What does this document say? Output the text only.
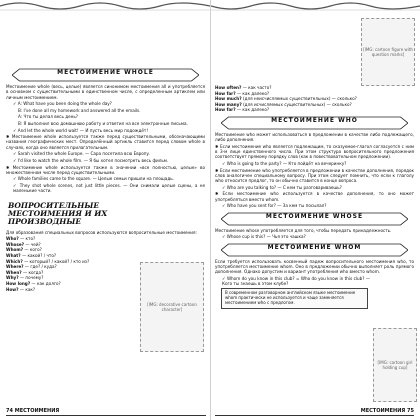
МЕСТОИМЕНИЕ WHOLE

Местоимение whole (весь, целые) является синонимом местоимения all и употребляется в основном с существительными в единственном числе, с определенным артиклем или личным местоимением.

✓ A: What have you been doing the whole day?

B: I've done all my homework and answered all the emails.

А: Что ты делал весь день?

В: Я выполнил всю домашнюю работу и ответил на все электронные письма.

✓ And let the whole world wait! — И пусть весь мир подождёт!

✱ Местоимение whole используется также перед существительными, обозначающими названия географических мест. Определённый артикль ставится перед словом whole в случаях, когда оно является прилагательным.

✓ Sarah visited the whole Europe. — Сара посетила всю Европу.

✓ I'd like to watch the whole film. — Я бы хотел посмотреть весь фильм.

✱ Местоимение whole используется также в значении «все полностью, целые» во множественном числе перед существительными.

✓ Whole families came to the square. — Целые семьи пришли на площадь.

✓ They shot whole scenes, not just little pieces. — Они снимали целые сцены, а не маленькие части.

ВОПРОСИТЕЛЬНЫЕ МЕСТОИМЕНИЯ И ИХ ПРОИЗВОДНЫЕ

Для образования специальных вопросов используются вопросительные местоимения:

Who? — кто?
Whose? — чей?
Whom? — кого?
What? — какой? / что?
Which? — который? / какой? / кто из?
Where? — где? / куда?
When? — когда?
Why? — почему?
How long? — как долго?
How? — как?
[IMG: decorative cartoon character]
74 МЕСТОИМЕНИЯ
[IMG: cartoon figure with question marks]
How often? — как часто?
How far? — как далеко?
How much? (для неисчисляемых существительных) — сколько?
How many? (для исчисляемых существительных) — сколько?
How far? — как далеко?
МЕСТОИМЕНИЕ WHO

Местоимение who может использоваться в предложении в качестве либо подлежащего, либо дополнения.

✱ Если местоимение who является подлежащим, то сказуемое-глагол согласуется с ним в 3-м лице единственного числа. При этом структура вопросительного предложения соответствует прямому порядку слов (как в повествовательном предложении).

✓ Who is going to the party? — Кто пойдёт на вечеринку?

✱ Если местоимение who употребляется в предложении в качестве дополнения, порядок слов аналогичен специальному вопросу. При этом следует помнить, что если к глаголу who относится предлог, то он обычно ставится в конце вопроса.

✓ Who are you talking to? — С кем ты разговариваешь?

✱ Если местоимение who используется в качестве дополнения, то оно может употребляться вместо whom.

✓ Who have you sent for? — За кем ты посылал?

МЕСТОИМЕНИЕ WHOSE

Местоимение whose употребляется для того, чтобы передать принадлежность.

✓ Whose cup is this? — Чья это чашка?

МЕСТОИМЕНИЕ WHOM

Если требуется использовать косвенный падеж вопросительного местоимения who, то употребляется местоимение whom. Оно в предложении обычно выполняет роль прямого дополнения. Однако допустим и вариант употребления who вместо whom.

✓ Whom do you know in this club? = Who do you know in this club? — Кого ты знаешь в этом клубе?

В современном разговорном английском языке местоимение whom практически не используется и чаще заменяется местоимением who с предлогом.
[IMG: cartoon girl holding cup]
МЕСТОИМЕНИЯ 75
